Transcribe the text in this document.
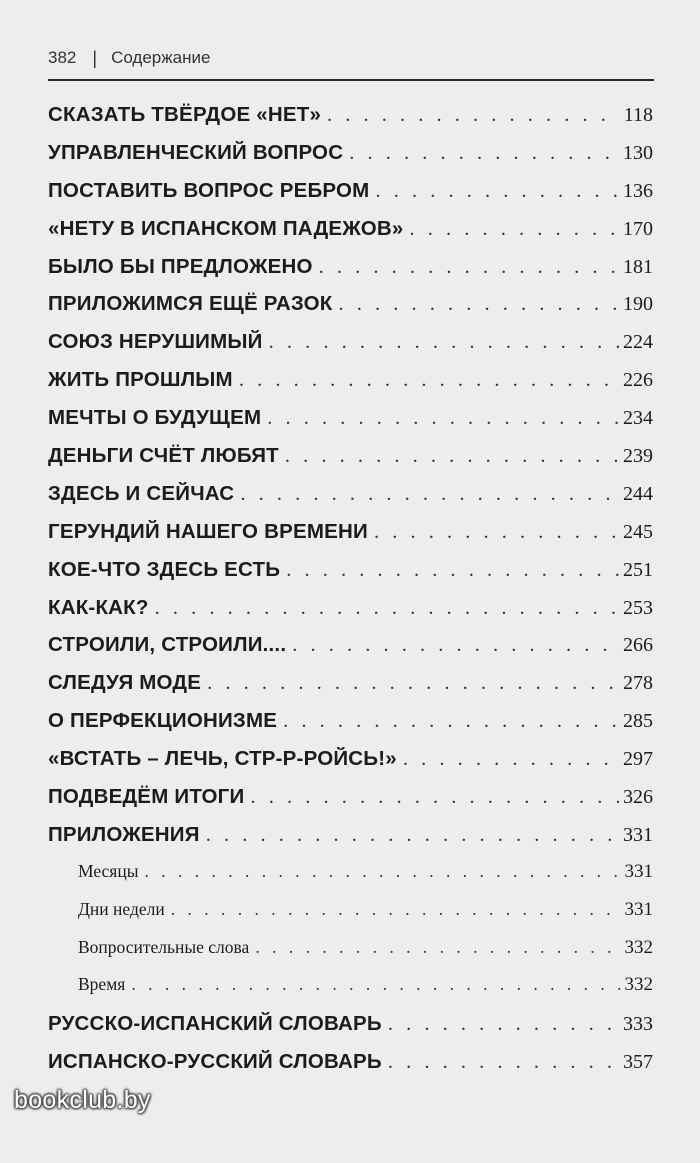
382 | Содержание
СКАЗАТЬ ТВЁРДОЕ «НЕТ» . . .	118
УПРАВЛЕНЧЕСКИЙ ВОПРОС . . .	130
ПОСТАВИТЬ ВОПРОС РЕБРОМ . . .	136
«НЕТУ В ИСПАНСКОМ ПАДЕЖОВ» . . .	170
БЫЛО БЫ ПРЕДЛОЖЕНО . . .	181
ПРИЛОЖИМСЯ ЕЩЁ РАЗОК . . .	190
СОЮЗ НЕРУШИМЫЙ . . .	224
ЖИТЬ ПРОШЛЫМ . . .	226
МЕЧТЫ О БУДУЩЕМ . . .	234
ДЕНЬГИ СЧЁТ ЛЮБЯТ . . .	239
ЗДЕСЬ И СЕЙЧАС . . .	244
ГЕРУНДИЙ НАШЕГО ВРЕМЕНИ . . .	245
КОЕ-ЧТО ЗДЕСЬ ЕСТЬ . . .	251
КАК-КАК? . . .	253
СТРОИЛИ, СТРОИЛИ.... . . .	266
СЛЕДУЯ МОДЕ . . .	278
О ПЕРФЕКЦИОНИЗМЕ . . .	285
«ВСТАТЬ – ЛЕЧЬ, СТР-Р-РОЙСЬ!» . . .	297
ПОДВЕДЁМ ИТОГИ . . .	326
ПРИЛОЖЕНИЯ . . .	331
Месяцы . . .	331
Дни недели . . .	331
Вопросительные слова . . .	332
Время . . .	332
РУССКО-ИСПАНСКИЙ СЛОВАРЬ . . .	333
ИСПАНСКО-РУССКИЙ СЛОВАРЬ . . .	357
bookclub.by
